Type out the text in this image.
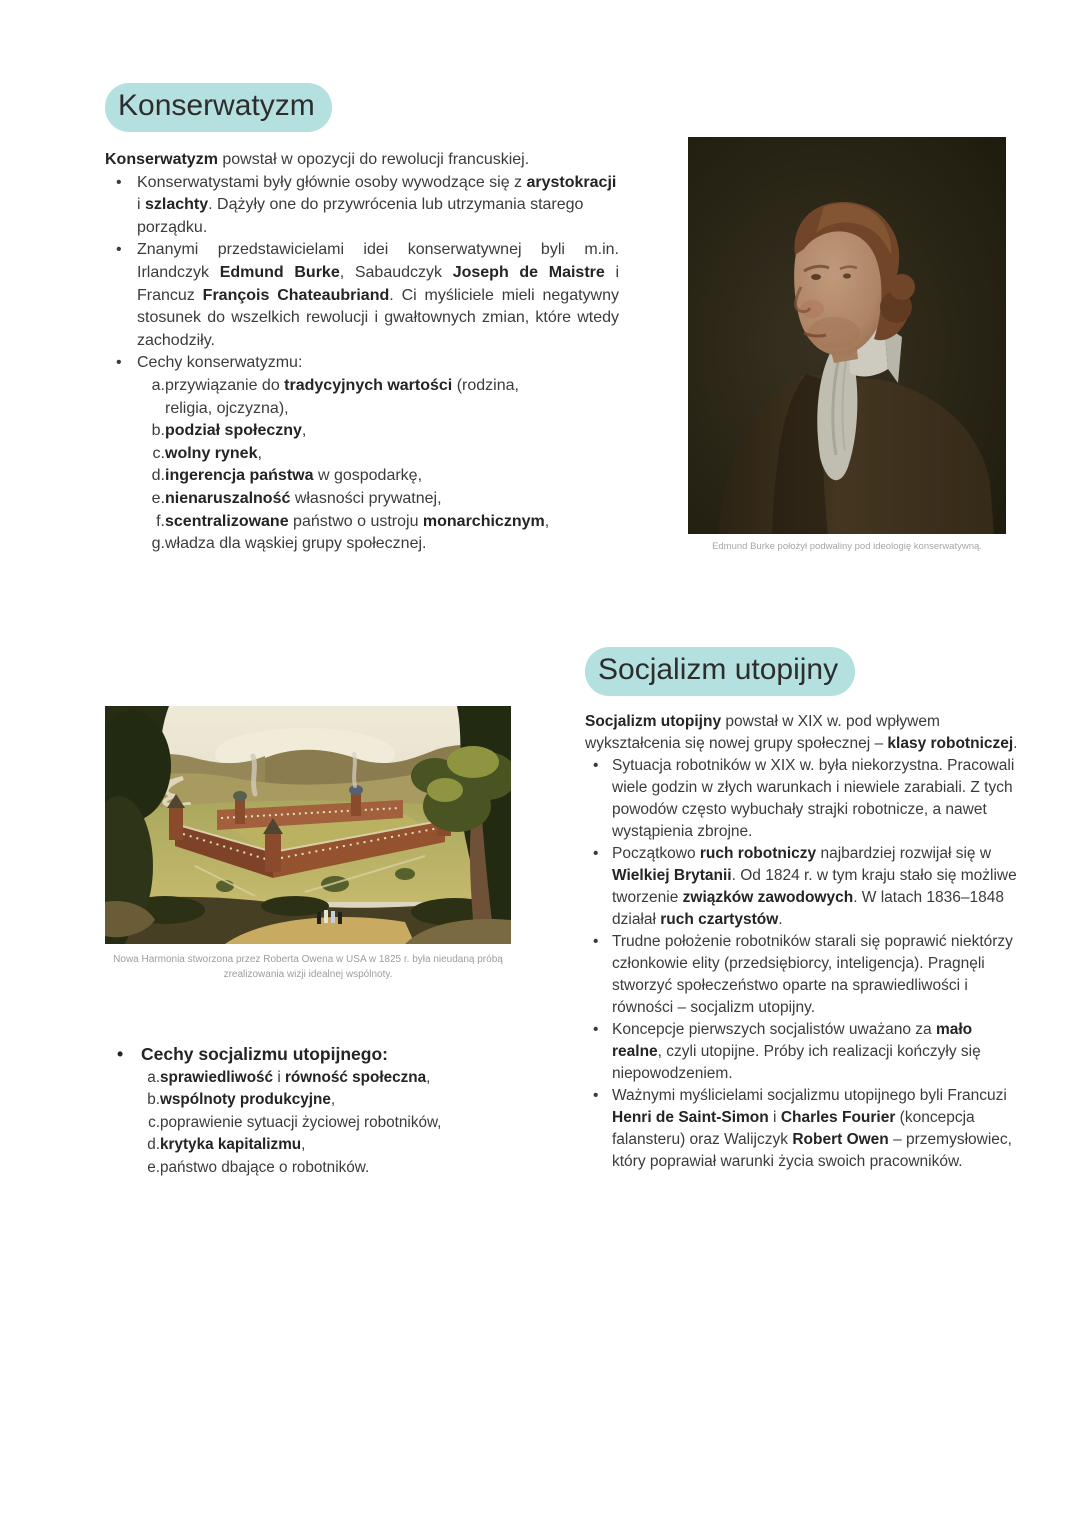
Konserwatyzm

Konserwatyzm powstał w opozycji do rewolucji francuskiej.

• Konserwatystami były głównie osoby wywodzące się z arystokracji i szlachty. Dążyły one do przywrócenia lub utrzymania starego porządku.
• Znanymi przedstawicielami idei konserwatywnej byli m.in. Irlandczyk Edmund Burke, Sabaudczyk Joseph de Maistre i Francuz François Chateaubriand. Ci myśliciele mieli negatywny stosunek do wszelkich rewolucji i gwałtownych zmian, które wtedy zachodziły.
• Cechy konserwatyzmu:
przywiązanie do tradycyjnych wartości (rodzina, religia, ojczyzna),
podział społeczny,
wolny rynek,
ingerencja państwa w gospodarkę,
nienaruszalność własności prywatnej,
scentralizowane państwo o ustroju monarchicznym,
władza dla wąskiej grupy społecznej.	Edmund Burke położył podwaliny pod ideologię konserwatywną.
Socjalizm utopijny

Socjalizm utopijny powstał w XIX w. pod wpływem wykształcenia się nowej grupy społecznej – klasy robotniczej.

• Sytuacja robotników w XIX w. była niekorzystna. Pracowali wiele godzin w złych warunkach i niewiele zarabiali. Z tych powodów często wybuchały strajki robotnicze, a nawet wystąpienia zbrojne.
• Początkowo ruch robotniczy najbardziej rozwijał się w Wielkiej Brytanii. Od 1824 r. w tym kraju stało się możliwe tworzenie związków zawodowych. W latach 1836–1848 działał ruch czartystów.
• Trudne położenie robotników starali się poprawić niektórzy członkowie elity (przedsiębiorcy, inteligencja). Pragnęli stworzyć społeczeństwo oparte na sprawiedliwości i równości – socjalizm utopijny.
• Koncepcje pierwszych socjalistów uważano za mało realne, czyli utopijne. Próby ich realizacji kończyły się niepowodzeniem.
• Ważnymi myślicielami socjalizmu utopijnego byli Francuzi Henri de Saint-Simon i Charles Fourier (koncepcja falansteru) oraz Walijczyk Robert Owen – przemysłowiec, który poprawiał warunki życia swoich pracowników.
Nowa Harmonia stworzona przez Roberta Owena w USA w 1825 r. była nieudaną próbą zrealizowania wizji idealnej wspólnoty.
• Cechy socjalizmu utopijnego:
sprawiedliwość i równość społeczna,
wspólnoty produkcyjne,
poprawienie sytuacji życiowej robotników,
krytyka kapitalizmu,
państwo dbające o robotników.
